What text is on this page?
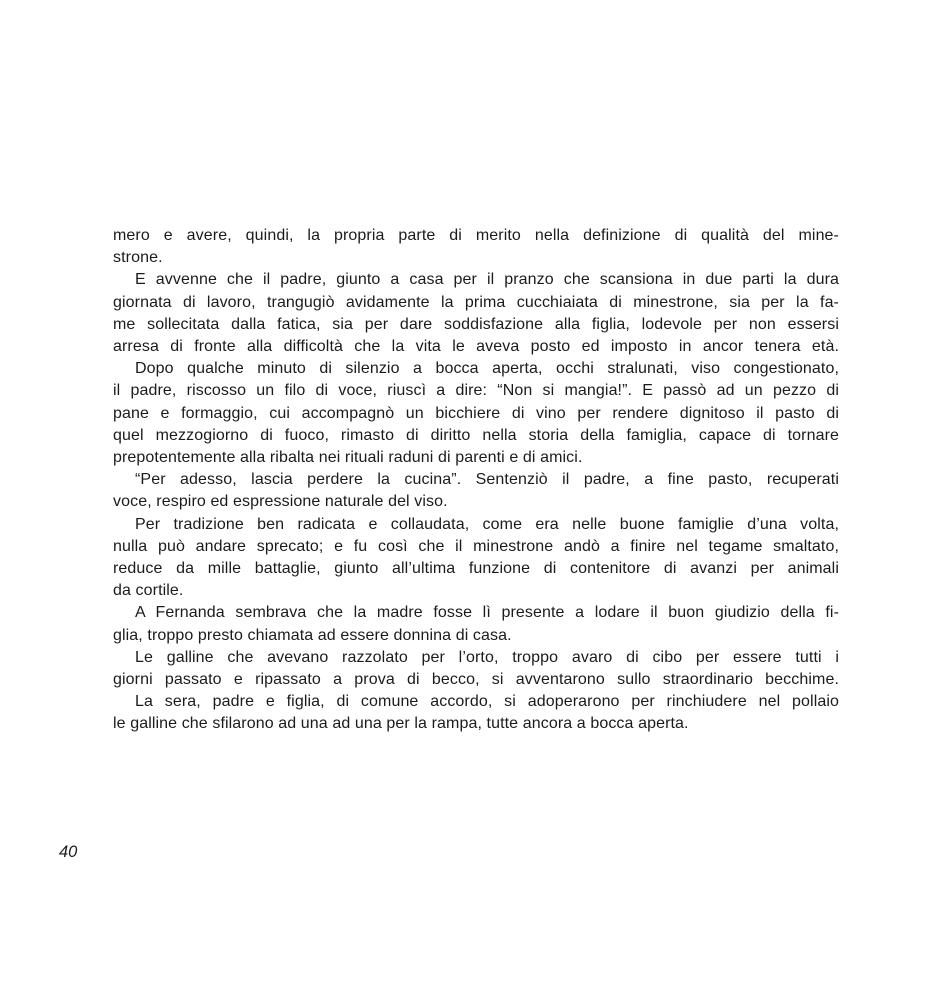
mero e avere, quindi, la propria parte di merito nella definizione di qualità del mine-
strone.
E avvenne che il padre, giunto a casa per il pranzo che scansiona in due parti la dura
giornata di lavoro, trangugiò avidamente la prima cucchiaiata di minestrone, sia per la fa-
me sollecitata dalla fatica, sia per dare soddisfazione alla figlia, lodevole per non essersi
arresa di fronte alla difficoltà che la vita le aveva posto ed imposto in ancor tenera età.
Dopo qualche minuto di silenzio a bocca aperta, occhi stralunati, viso congestionato,
il padre, riscosso un filo di voce, riuscì a dire: “Non si mangia!”. E passò ad un pezzo di
pane e formaggio, cui accompagnò un bicchiere di vino per rendere dignitoso il pasto di
quel mezzogiorno di fuoco, rimasto di diritto nella storia della famiglia, capace di tornare
prepotentemente alla ribalta nei rituali raduni di parenti e di amici.
“Per adesso, lascia perdere la cucina”. Sentenziò il padre, a fine pasto, recuperati
voce, respiro ed espressione naturale del viso.
Per tradizione ben radicata e collaudata, come era nelle buone famiglie d’una volta,
nulla può andare sprecato; e fu così che il minestrone andò a finire nel tegame smaltato,
reduce da mille battaglie, giunto all’ultima funzione di contenitore di avanzi per animali
da cortile.
A Fernanda sembrava che la madre fosse lì presente a lodare il buon giudizio della fi-
glia, troppo presto chiamata ad essere donnina di casa.
Le galline che avevano razzolato per l’orto, troppo avaro di cibo per essere tutti i
giorni passato e ripassato a prova di becco, si avventarono sullo straordinario becchime.
La sera, padre e figlia, di comune accordo, si adoperarono per rinchiudere nel pollaio
le galline che sfilarono ad una ad una per la rampa, tutte ancora a bocca aperta.
40
